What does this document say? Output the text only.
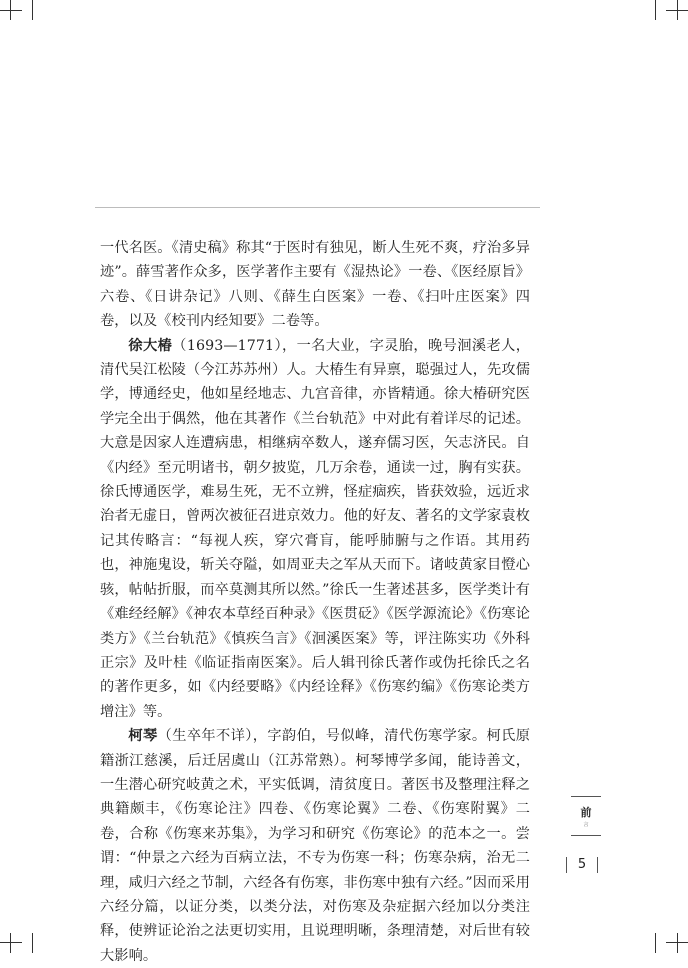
一代名医。《清史稿》称其“于医时有独见，断人生死不爽，疗治多异迹”。薛雪著作众多，医学著作主要有《湿热论》一卷、《医经原旨》六卷、《日讲杂记》八则、《薛生白医案》一卷、《扫叶庄医案》四卷，以及《校刊内经知要》二卷等。

徐大椿（1693—1771），一名大业，字灵胎，晚号洄溪老人，清代吴江松陵（今江苏苏州）人。大椿生有异禀，聪强过人，先攻儒学，博通经史，他如星经地志、九宫音律，亦皆精通。徐大椿研究医学完全出于偶然，他在其著作《兰台轨范》中对此有着详尽的记述。大意是因家人连遭病患，相继病卒数人，遂弃儒习医，矢志济民。自《内经》至元明诸书，朝夕披览，几万余卷，通读一过，胸有实获。徐氏博通医学，难易生死，无不立辨，怪症痼疾，皆获效验，远近求治者无虚日，曾两次被征召进京效力。他的好友、著名的文学家袁枚记其传略言：“每视人疾，穿穴膏肓，能呼肺腑与之作语。其用药也，神施鬼设，斩关夺隘，如周亚夫之军从天而下。诸岐黄家目憕心骇，帖帖折服，而卒莫测其所以然。”徐氏一生著述甚多，医学类计有《难经经解》《神农本草经百种录》《医贯砭》《医学源流论》《伤寒论类方》《兰台轨范》《慎疾刍言》《洄溪医案》等，评注陈实功《外科正宗》及叶桂《临证指南医案》。后人辑刊徐氏著作或伪托徐氏之名的著作更多，如《内经要略》《内经诠释》《伤寒约编》《伤寒论类方增注》等。

柯琴（生卒年不详），字韵伯，号似峰，清代伤寒学家。柯氏原籍浙江慈溪，后迁居虞山（江苏常熟）。柯琴博学多闻，能诗善文，一生潜心研究岐黄之术，平实低调，清贫度日。著医书及整理注释之典籍颇丰，《伤寒论注》四卷、《伤寒论翼》二卷、《伤寒附翼》二卷，合称《伤寒来苏集》，为学习和研究《伤寒论》的范本之一。尝谓：“仲景之六经为百病立法，不专为伤寒一科；伤寒杂病，治无二理，咸归六经之节制，六经各有伤寒，非伤寒中独有六经。”因而采用六经分篇，以证分类，以类分法，对伤寒及杂症据六经加以分类注释，使辨证论治之法更切实用，且说理明晰，条理清楚，对后世有较大影响。

前
言
5
